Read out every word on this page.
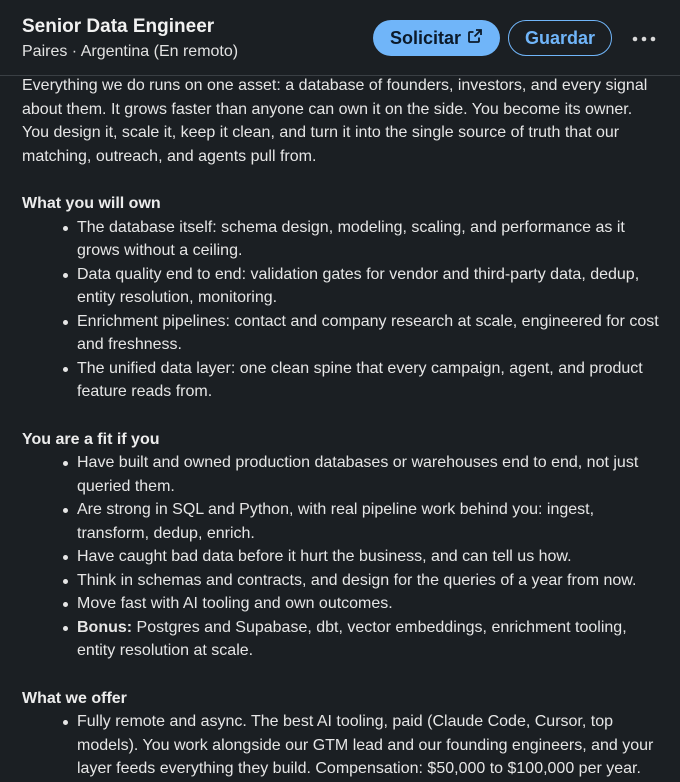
Senior Data Engineer
Paires · Argentina (En remoto)
Solicitar	Guardar

Everything we do runs on one asset: a database of founders, investors, and every signal about them. It grows faster than anyone can own it on the side. You become its owner. You design it, scale it, keep it clean, and turn it into the single source of truth that our matching, outreach, and agents pull from.

What you will own
The database itself: schema design, modeling, scaling, and performance as it grows without a ceiling.
Data quality end to end: validation gates for vendor and third-party data, dedup, entity resolution, monitoring.
Enrichment pipelines: contact and company research at scale, engineered for cost and freshness.
The unified data layer: one clean spine that every campaign, agent, and product feature reads from.
You are a fit if you
Have built and owned production databases or warehouses end to end, not just queried them.
Are strong in SQL and Python, with real pipeline work behind you: ingest, transform, dedup, enrich.
Have caught bad data before it hurt the business, and can tell us how.
Think in schemas and contracts, and design for the queries of a year from now.
Move fast with AI tooling and own outcomes.
Bonus: Postgres and Supabase, dbt, vector embeddings, enrichment tooling, entity resolution at scale.
What we offer
Fully remote and async. The best AI tooling, paid (Claude Code, Cursor, top models). You work alongside our GTM lead and our founding engineers, and your layer feeds everything they build. Compensation: $50,000 to $100,000 per year.
